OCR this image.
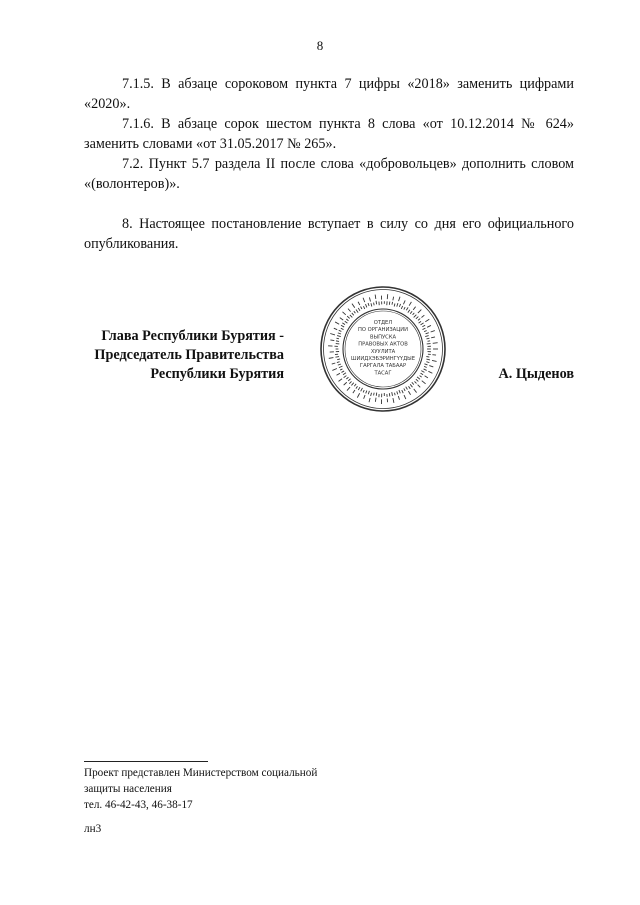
8

7.1.5. В абзаце сороковом пункта 7 цифры «2018» заменить цифрами «2020».

7.1.6. В абзаце сорок шестом пункта 8 слова «от 10.12.2014 № 624» заменить словами «от 31.05.2017 № 265».

7.2. Пункт 5.7 раздела II после слова «добровольцев» дополнить словом «(волонтеров)».

8. Настоящее постановление вступает в силу со дня его официального опубликования.

Глава Республики Бурятия -
Председатель Правительства
Республики Бурятия
ОТДЕЛ
ПО ОРГАНИЗАЦИИ
ВЫПУСКА
ПРАВОВЫХ АКТОВ
ХУУЛИТА
ШИИДХЭБЭРИНГҮҮДЫЕ
ГАРГАЛА ТАБААР
ТАСАГ	А. Цыденов
Проект представлен Министерством социальной
защиты населения
тел. 46-42-43, 46-38-17
лн3
